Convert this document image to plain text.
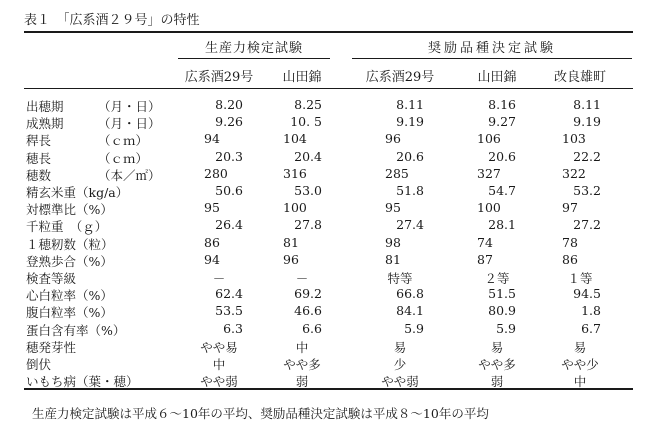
表１　「広系酒２９号」の特性
生産力検定試験	奨励品種決定試験
広系酒29号	山田錦	広系酒29号	山田錦	改良雄町
出穂期	（月・日）	8.20	8.25	8.11	8.16	8.11
成熟期	（月・日）	9.26	10. 5	9.19	9.27	9.19
稈長	（ｃｍ）	94	104	96	106	103
穂長	（ｃｍ）	20.3	20.4	20.6	20.6	22.2
穂数	（本／㎡）	280	316	285	327	322
精玄米重（kg/a）	50.6	53.0	51.8	54.7	53.2
対標準比（%）	95	100	95	100	97
千粒重　（ｇ）	26.4	27.8	27.4	28.1	27.2
１穂籾数（粒）	86	81	98	74	78
登熟歩合（%）	94	96	81	87	86
検査等級	－	－	特等	２等	１等
心白粒率（%）	62.4	69.2	66.8	51.5	94.5
腹白粒率（%）	53.5	46.6	84.1	80.9	1.8
蛋白含有率（%）	6.3	6.6	5.9	5.9	6.7
穂発芽性	やや易	中	易	易	易
倒伏	中	やや多	少	やや多	やや少
いもち病（葉・穂）	やや弱	弱	やや弱	弱	中
生産力検定試験は平成６～10年の平均、奨励品種決定試験は平成８～10年の平均
